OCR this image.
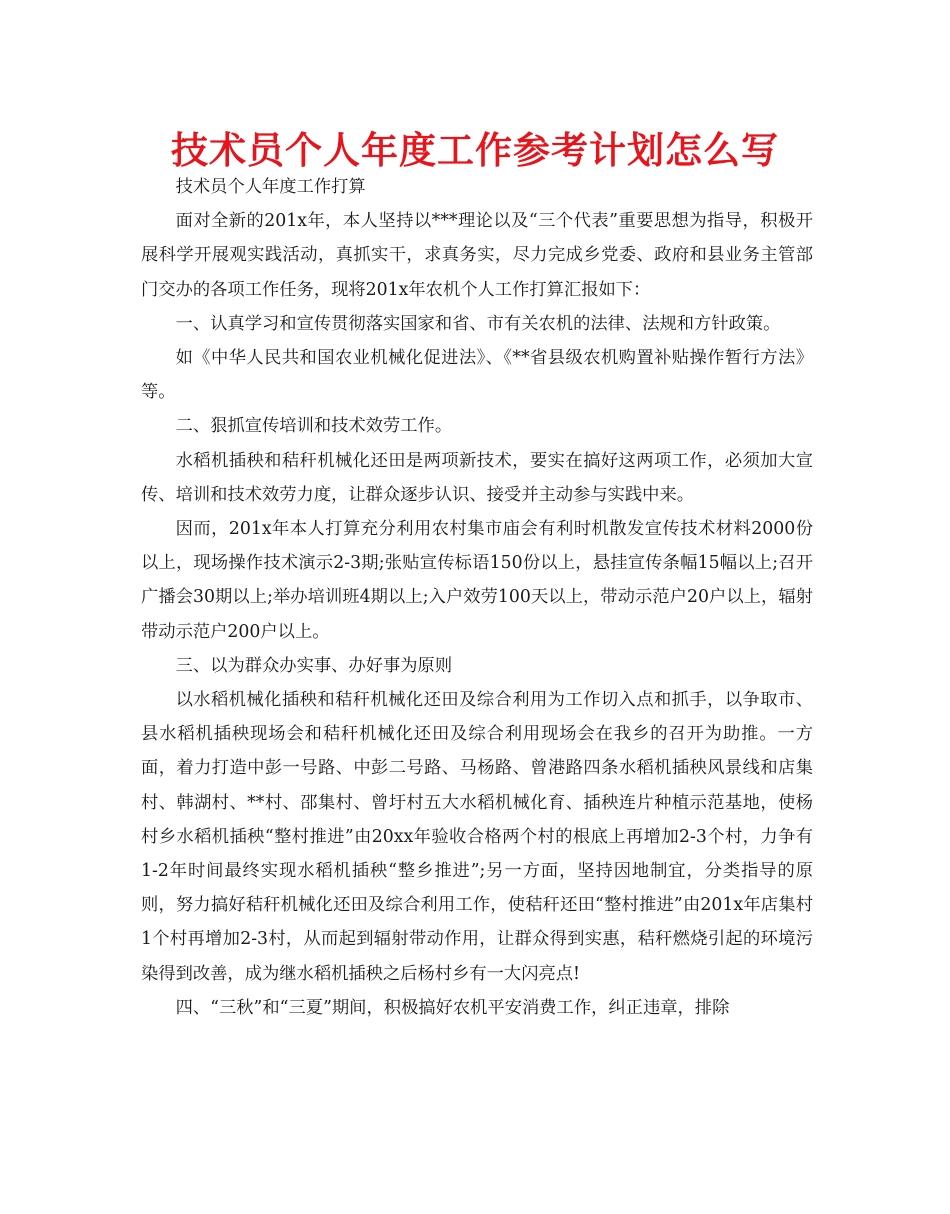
技术员个人年度工作参考计划怎么写

技术员个人年度工作打算

面对全新的201x年，本人坚持以***理论以及“三个代表”重要思想为指导，积极开展科学开展观实践活动，真抓实干，求真务实，尽力完成乡党委、政府和县业务主管部门交办的各项工作任务，现将201x年农机个人工作打算汇报如下：

一、认真学习和宣传贯彻落实国家和省、市有关农机的法律、法规和方针政策。

如《中华人民共和国农业机械化促进法》、《**省县级农机购置补贴操作暂行方法》等。

二、狠抓宣传培训和技术效劳工作。

水稻机插秧和秸秆机械化还田是两项新技术，要实在搞好这两项工作，必须加大宣传、培训和技术效劳力度，让群众逐步认识、接受并主动参与实践中来。

因而，201x年本人打算充分利用农村集市庙会有利时机散发宣传技术材料2000份以上，现场操作技术演示2-3期;张贴宣传标语150份以上，悬挂宣传条幅15幅以上;召开广播会30期以上;举办培训班4期以上;入户效劳100天以上，带动示范户20户以上，辐射带动示范户200户以上。

三、以为群众办实事、办好事为原则

以水稻机械化插秧和秸秆机械化还田及综合利用为工作切入点和抓手，以争取市、县水稻机插秧现场会和秸秆机械化还田及综合利用现场会在我乡的召开为助推。一方面，着力打造中彭一号路、中彭二号路、马杨路、曾港路四条水稻机插秧风景线和店集村、韩湖村、**村、邵集村、曾圩村五大水稻机械化育、插秧连片种植示范基地，使杨村乡水稻机插秧“整村推进”由20xx年验收合格两个村的根底上再增加2-3个村，力争有1-2年时间最终实现水稻机插秧“整乡推进”;另一方面，坚持因地制宜，分类指导的原则，努力搞好秸秆机械化还田及综合利用工作，使秸秆还田“整村推进”由201x年店集村1个村再增加2-3村，从而起到辐射带动作用，让群众得到实惠，秸秆燃烧引起的环境污染得到改善，成为继水稻机插秧之后杨村乡有一大闪亮点!

四、“三秋”和“三夏”期间，积极搞好农机平安消费工作，纠正违章，排除
